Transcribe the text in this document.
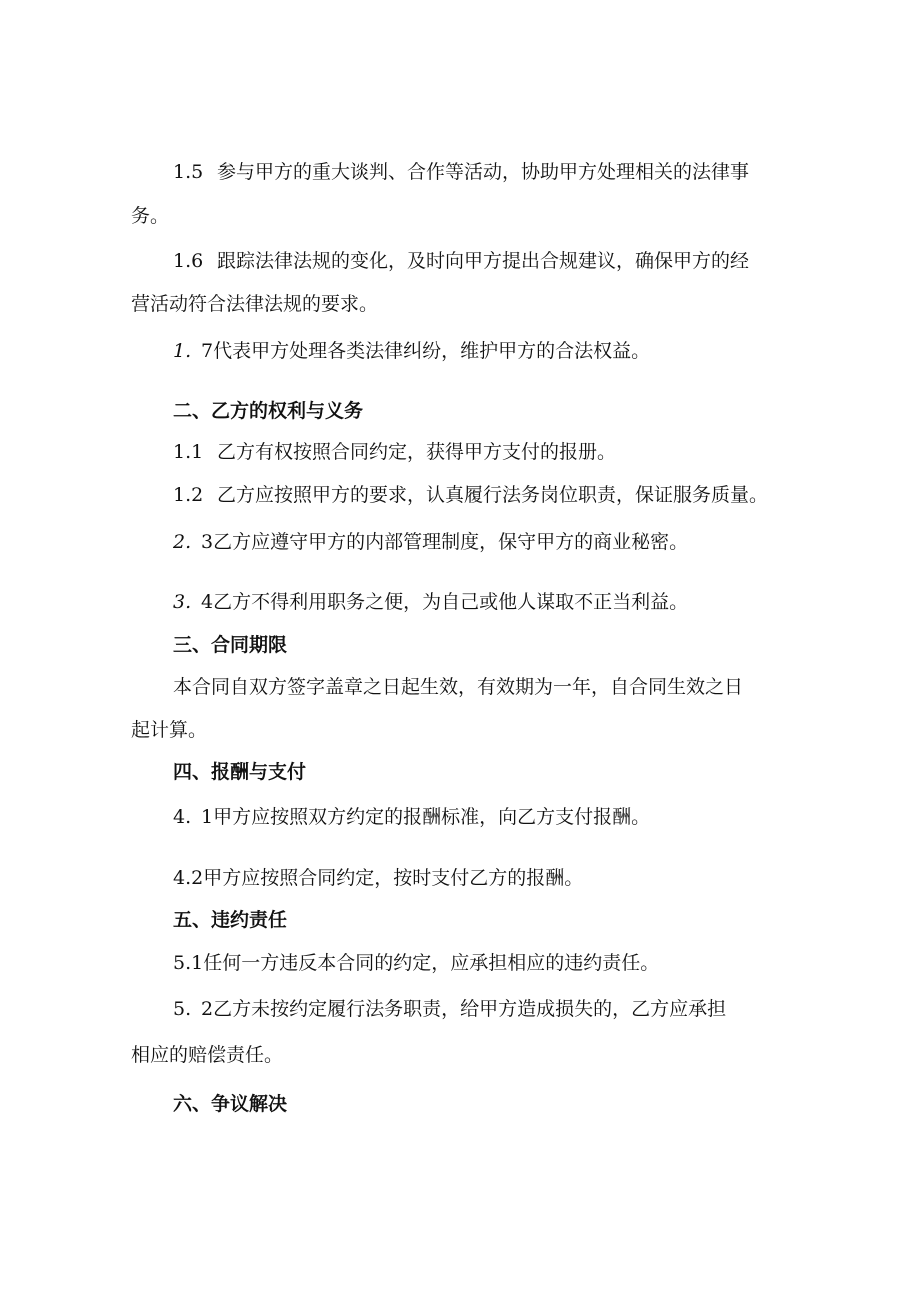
1.5 参与甲方的重大谈判、合作等活动，协助甲方处理相关的法律事
务。
1.6 跟踪法律法规的变化，及时向甲方提出合规建议，确保甲方的经
营活动符合法律法规的要求。
1. 7代表甲方处理各类法律纠纷，维护甲方的合法权益。
二、乙方的权利与义务
1.1 乙方有权按照合同约定，获得甲方支付的报册。
1.2 乙方应按照甲方的要求，认真履行法务岗位职责，保证服务质量。
2. 3乙方应遵守甲方的内部管理制度，保守甲方的商业秘密。
3. 4乙方不得利用职务之便，为自己或他人谋取不正当利益。
三、合同期限
本合同自双方签字盖章之日起生效，有效期为一年，自合同生效之日
起计算。
四、报酬与支付
4. 1甲方应按照双方约定的报酬标准，向乙方支付报酬。
4.2甲方应按照合同约定，按时支付乙方的报酬。
五、违约责任
5.1任何一方违反本合同的约定，应承担相应的违约责任。
5. 2乙方未按约定履行法务职责，给甲方造成损失的，乙方应承担
相应的赔偿责任。
六、争议解决
